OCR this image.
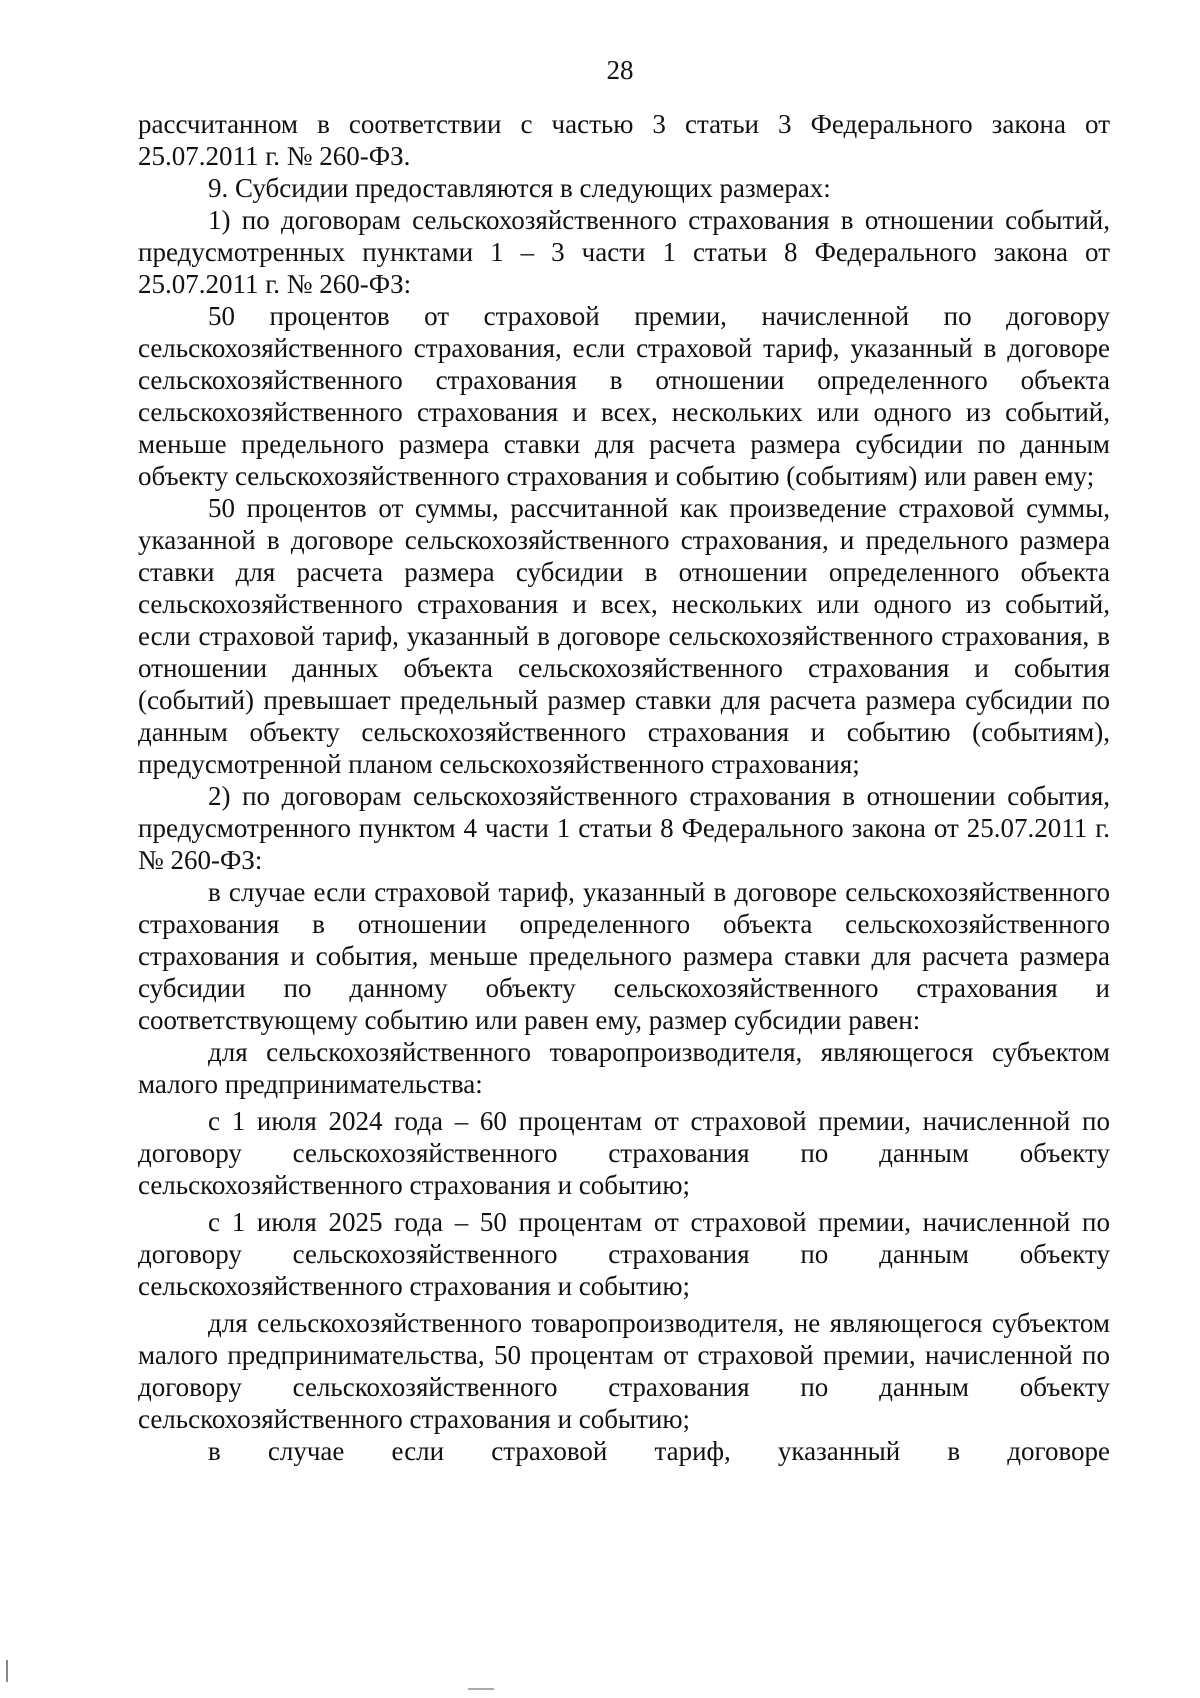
28

рассчитанном в соответствии с частью 3 статьи 3 Федерального закона от 25.07.2011 г. № 260-ФЗ.

9. Субсидии предоставляются в следующих размерах:

1) по договорам сельскохозяйственного страхования в отношении событий, предусмотренных пунктами 1 – 3 части 1 статьи 8 Федерального закона от 25.07.2011 г. № 260-ФЗ:

50 процентов от страховой премии, начисленной по договору сельскохозяйственного страхования, если страховой тариф, указанный в договоре сельскохозяйственного страхования в отношении определенного объекта сельскохозяйственного страхования и всех, нескольких или одного из событий, меньше предельного размера ставки для расчета размера субсидии по данным объекту сельскохозяйственного страхования и событию (событиям) или равен ему;

50 процентов от суммы, рассчитанной как произведение страховой суммы, указанной в договоре сельскохозяйственного страхования, и предельного размера ставки для расчета размера субсидии в отношении определенного объекта сельскохозяйственного страхования и всех, нескольких или одного из событий, если страховой тариф, указанный в договоре сельскохозяйственного страхования, в отношении данных объекта сельскохозяйственного страхования и события (событий) превышает предельный размер ставки для расчета размера субсидии по данным объекту сельскохозяйственного страхования и событию (событиям), предусмотренной планом сельскохозяйственного страхования;

2) по договорам сельскохозяйственного страхования в отношении события, предусмотренного пунктом 4 части 1 статьи 8 Федерального закона от 25.07.2011 г. № 260-ФЗ:

в случае если страховой тариф, указанный в договоре сельскохозяйственного страхования в отношении определенного объекта сельскохозяйственного страхования и события, меньше предельного размера ставки для расчета размера субсидии по данному объекту сельскохозяйственного страхования и соответствующему событию или равен ему, размер субсидии равен:

для сельскохозяйственного товаропроизводителя, являющегося субъектом малого предпринимательства:

с 1 июля 2024 года – 60 процентам от страховой премии, начисленной по договору сельскохозяйственного страхования по данным объекту сельскохозяйственного страхования и событию;

с 1 июля 2025 года – 50 процентам от страховой премии, начисленной по договору сельскохозяйственного страхования по данным объекту сельскохозяйственного страхования и событию;

для сельскохозяйственного товаропроизводителя, не являющегося субъектом малого предпринимательства, 50 процентам от страховой премии, начисленной по договору сельскохозяйственного страхования по данным объекту сельскохозяйственного страхования и событию;

в случае если страховой тариф, указанный в договоре
